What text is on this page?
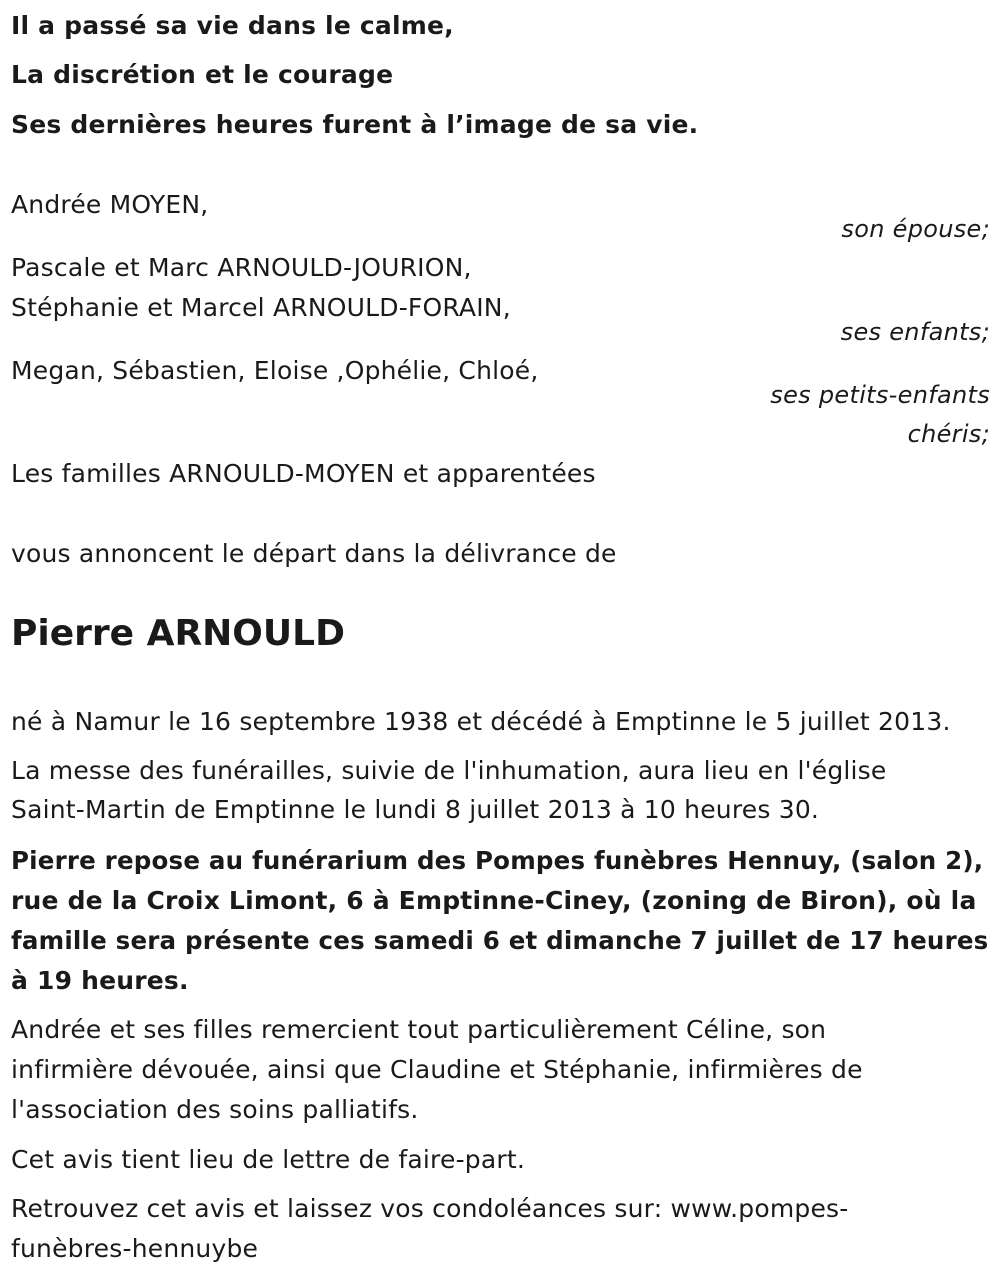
Il a passé sa vie dans le calme,
La discrétion et le courage
Ses dernières heures furent à l’image de sa vie.
Andrée MOYEN,
son épouse;
Pascale et Marc ARNOULD-JOURION,
Stéphanie et Marcel ARNOULD-FORAIN,
ses enfants;
Megan, Sébastien, Eloise ,Ophélie, Chloé,
ses petits-enfants
chéris;
Les familles ARNOULD-MOYEN et apparentées
vous annoncent le départ dans la délivrance de
Pierre ARNOULD
né à Namur le 16 septembre 1938 et décédé à Emptinne le 5 juillet 2013.
La messe des funérailles, suivie de l'inhumation, aura lieu en l'église
Saint-Martin de Emptinne le lundi 8 juillet 2013 à 10 heures 30.
Pierre repose au funérarium des Pompes funèbres Hennuy, (salon 2),
rue de la Croix Limont, 6 à Emptinne-Ciney, (zoning de Biron), où la
famille sera présente ces samedi 6 et dimanche 7 juillet de 17 heures
à 19 heures.
Andrée et ses filles remercient tout particulièrement Céline, son
infirmière dévouée, ainsi que Claudine et Stéphanie, infirmières de
l'association des soins palliatifs.
Cet avis tient lieu de lettre de faire-part.
Retrouvez cet avis et laissez vos condoléances sur: www.pompes-
funèbres-hennuybe
